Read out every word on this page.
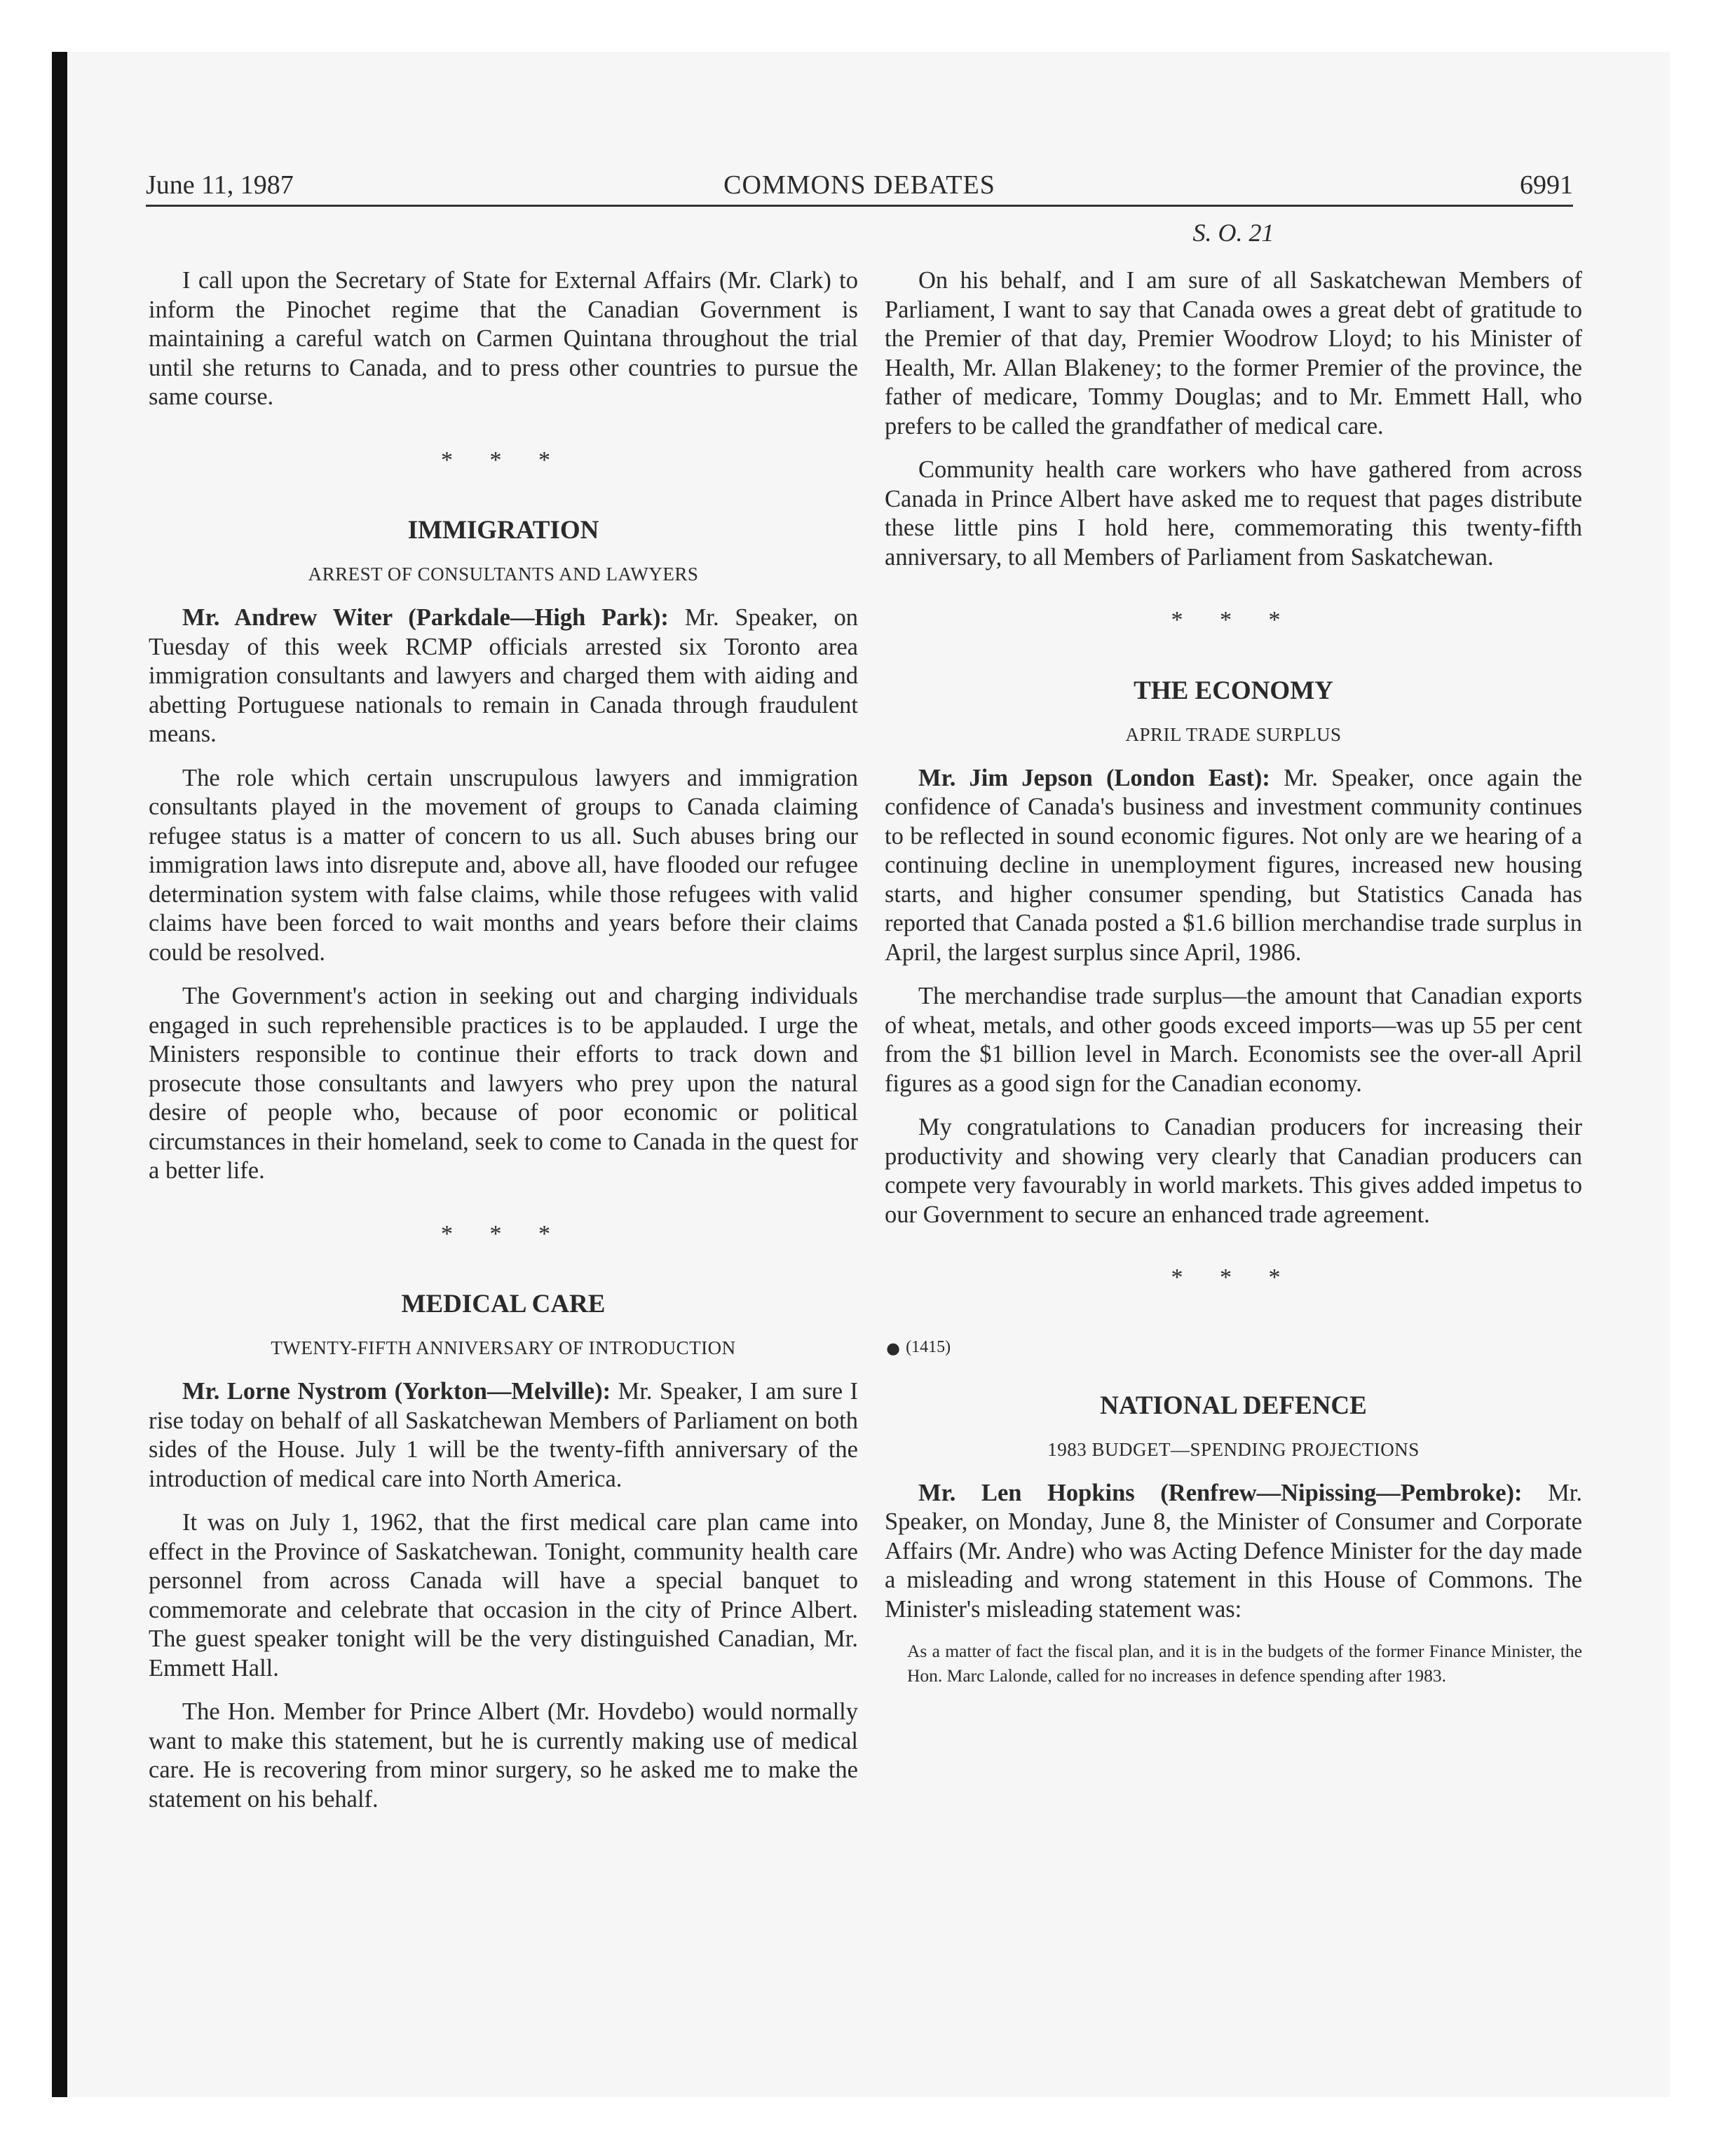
June 11, 1987	COMMONS DEBATES	6991

I call upon the Secretary of State for External Affairs (Mr. Clark) to inform the Pinochet regime that the Canadian Government is maintaining a careful watch on Carmen Quintana throughout the trial until she returns to Canada, and to press other countries to pursue the same course.

* * *
IMMIGRATION
ARREST OF CONSULTANTS AND LAWYERS

Mr. Andrew Witer (Parkdale—High Park): Mr. Speaker, on Tuesday of this week RCMP officials arrested six Toronto area immigration consultants and lawyers and charged them with aiding and abetting Portuguese nationals to remain in Canada through fraudulent means.

The role which certain unscrupulous lawyers and immigration consultants played in the movement of groups to Canada claiming refugee status is a matter of concern to us all. Such abuses bring our immigration laws into disrepute and, above all, have flooded our refugee determination system with false claims, while those refugees with valid claims have been forced to wait months and years before their claims could be resolved.

The Government's action in seeking out and charging individuals engaged in such reprehensible practices is to be applauded. I urge the Ministers responsible to continue their efforts to track down and prosecute those consultants and lawyers who prey upon the natural desire of people who, because of poor economic or political circumstances in their homeland, seek to come to Canada in the quest for a better life.

* * *
MEDICAL CARE
TWENTY-FIFTH ANNIVERSARY OF INTRODUCTION

Mr. Lorne Nystrom (Yorkton—Melville): Mr. Speaker, I am sure I rise today on behalf of all Saskatchewan Members of Parliament on both sides of the House. July 1 will be the twenty-fifth anniversary of the introduction of medical care into North America.

It was on July 1, 1962, that the first medical care plan came into effect in the Province of Saskatchewan. Tonight, community health care personnel from across Canada will have a special banquet to commemorate and celebrate that occasion in the city of Prince Albert. The guest speaker tonight will be the very distinguished Canadian, Mr. Emmett Hall.

The Hon. Member for Prince Albert (Mr. Hovdebo) would normally want to make this statement, but he is currently making use of medical care. He is recovering from minor surgery, so he asked me to make the statement on his behalf.

S. O. 21

On his behalf, and I am sure of all Saskatchewan Members of Parliament, I want to say that Canada owes a great debt of gratitude to the Premier of that day, Premier Woodrow Lloyd; to his Minister of Health, Mr. Allan Blakeney; to the former Premier of the province, the father of medicare, Tommy Douglas; and to Mr. Emmett Hall, who prefers to be called the grandfather of medical care.

Community health care workers who have gathered from across Canada in Prince Albert have asked me to request that pages distribute these little pins I hold here, commemorating this twenty-fifth anniversary, to all Members of Parliament from Saskatchewan.

* * *
THE ECONOMY
APRIL TRADE SURPLUS

Mr. Jim Jepson (London East): Mr. Speaker, once again the confidence of Canada's business and investment community continues to be reflected in sound economic figures. Not only are we hearing of a continuing decline in unemployment figures, increased new housing starts, and higher consumer spending, but Statistics Canada has reported that Canada posted a $1.6 billion merchandise trade surplus in April, the largest surplus since April, 1986.

The merchandise trade surplus—the amount that Canadian exports of wheat, metals, and other goods exceed imports—was up 55 per cent from the $1 billion level in March. Economists see the over-all April figures as a good sign for the Canadian economy.

My congratulations to Canadian producers for increasing their productivity and showing very clearly that Canadian producers can compete very favourably in world markets. This gives added impetus to our Government to secure an enhanced trade agreement.

* * *
● (1415)
NATIONAL DEFENCE
1983 BUDGET—SPENDING PROJECTIONS

Mr. Len Hopkins (Renfrew—Nipissing—Pembroke): Mr. Speaker, on Monday, June 8, the Minister of Consumer and Corporate Affairs (Mr. Andre) who was Acting Defence Minister for the day made a misleading and wrong statement in this House of Commons. The Minister's misleading statement was:

As a matter of fact the fiscal plan, and it is in the budgets of the former Finance Minister, the Hon. Marc Lalonde, called for no increases in defence spending after 1983.
